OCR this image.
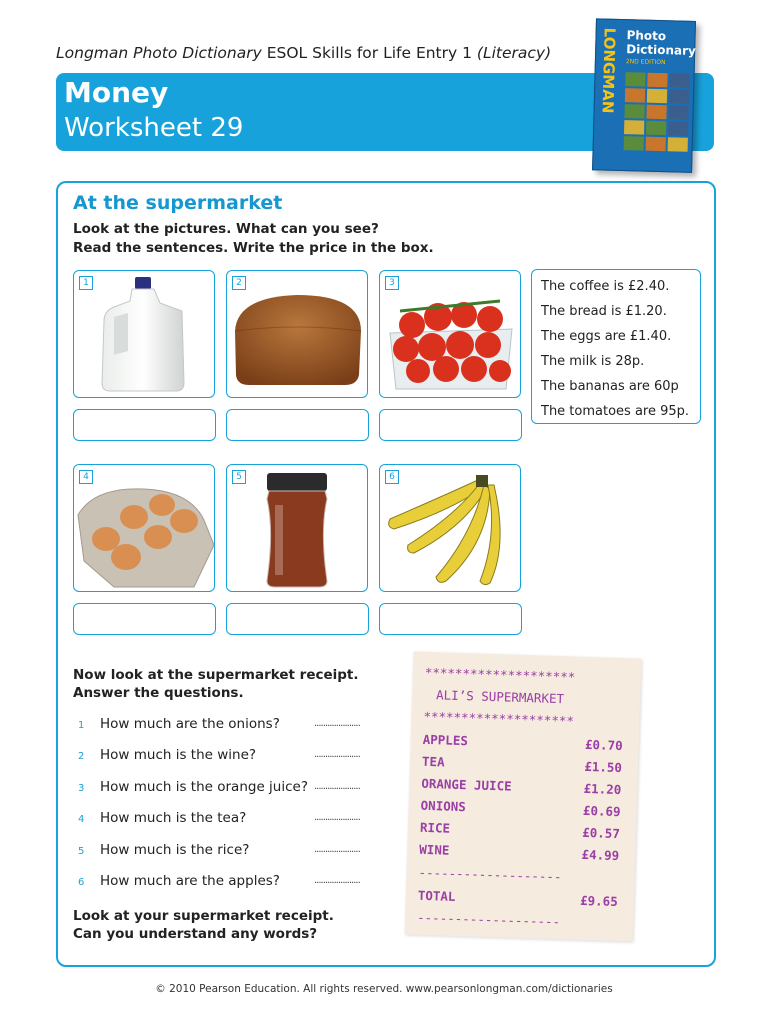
Longman Photo Dictionary ESOL Skills for Life Entry 1 (Literacy)
Money
Worksheet 29
LONGMAN Photo Dictionary
2ND EDITION
At the supermarket
Look at the pictures. What can you see?
Read the sentences. Write the price in the box.
1	2	3	The coffee is £2.40.
The bread is £1.20.
The eggs are £1.40.
The milk is 28p.
The bananas are 60p
The tomatoes are 95p.
4	5	6
Now look at the supermarket receipt.
Answer the questions.
1 How much are the onions?	.....................
2 How much is the wine?	.....................
3 How much is the orange juice? .....................
4 How much is the tea?	.....................
5 How much is the rice?	.....................
6 How much are the apples?	.....................
Look at your supermarket receipt.
Can you understand any words?
********************
ALI’S SUPERMARKET
********************
APPLES	£0.70
TEA	£1.50
ORANGE JUICE	£1.20
ONIONS	£0.69
RICE	£0.57
WINE	£4.99
-------------------
TOTAL	£9.65
-------------------
© 2010 Pearson Education. All rights reserved. www.pearsonlongman.com/dictionaries
